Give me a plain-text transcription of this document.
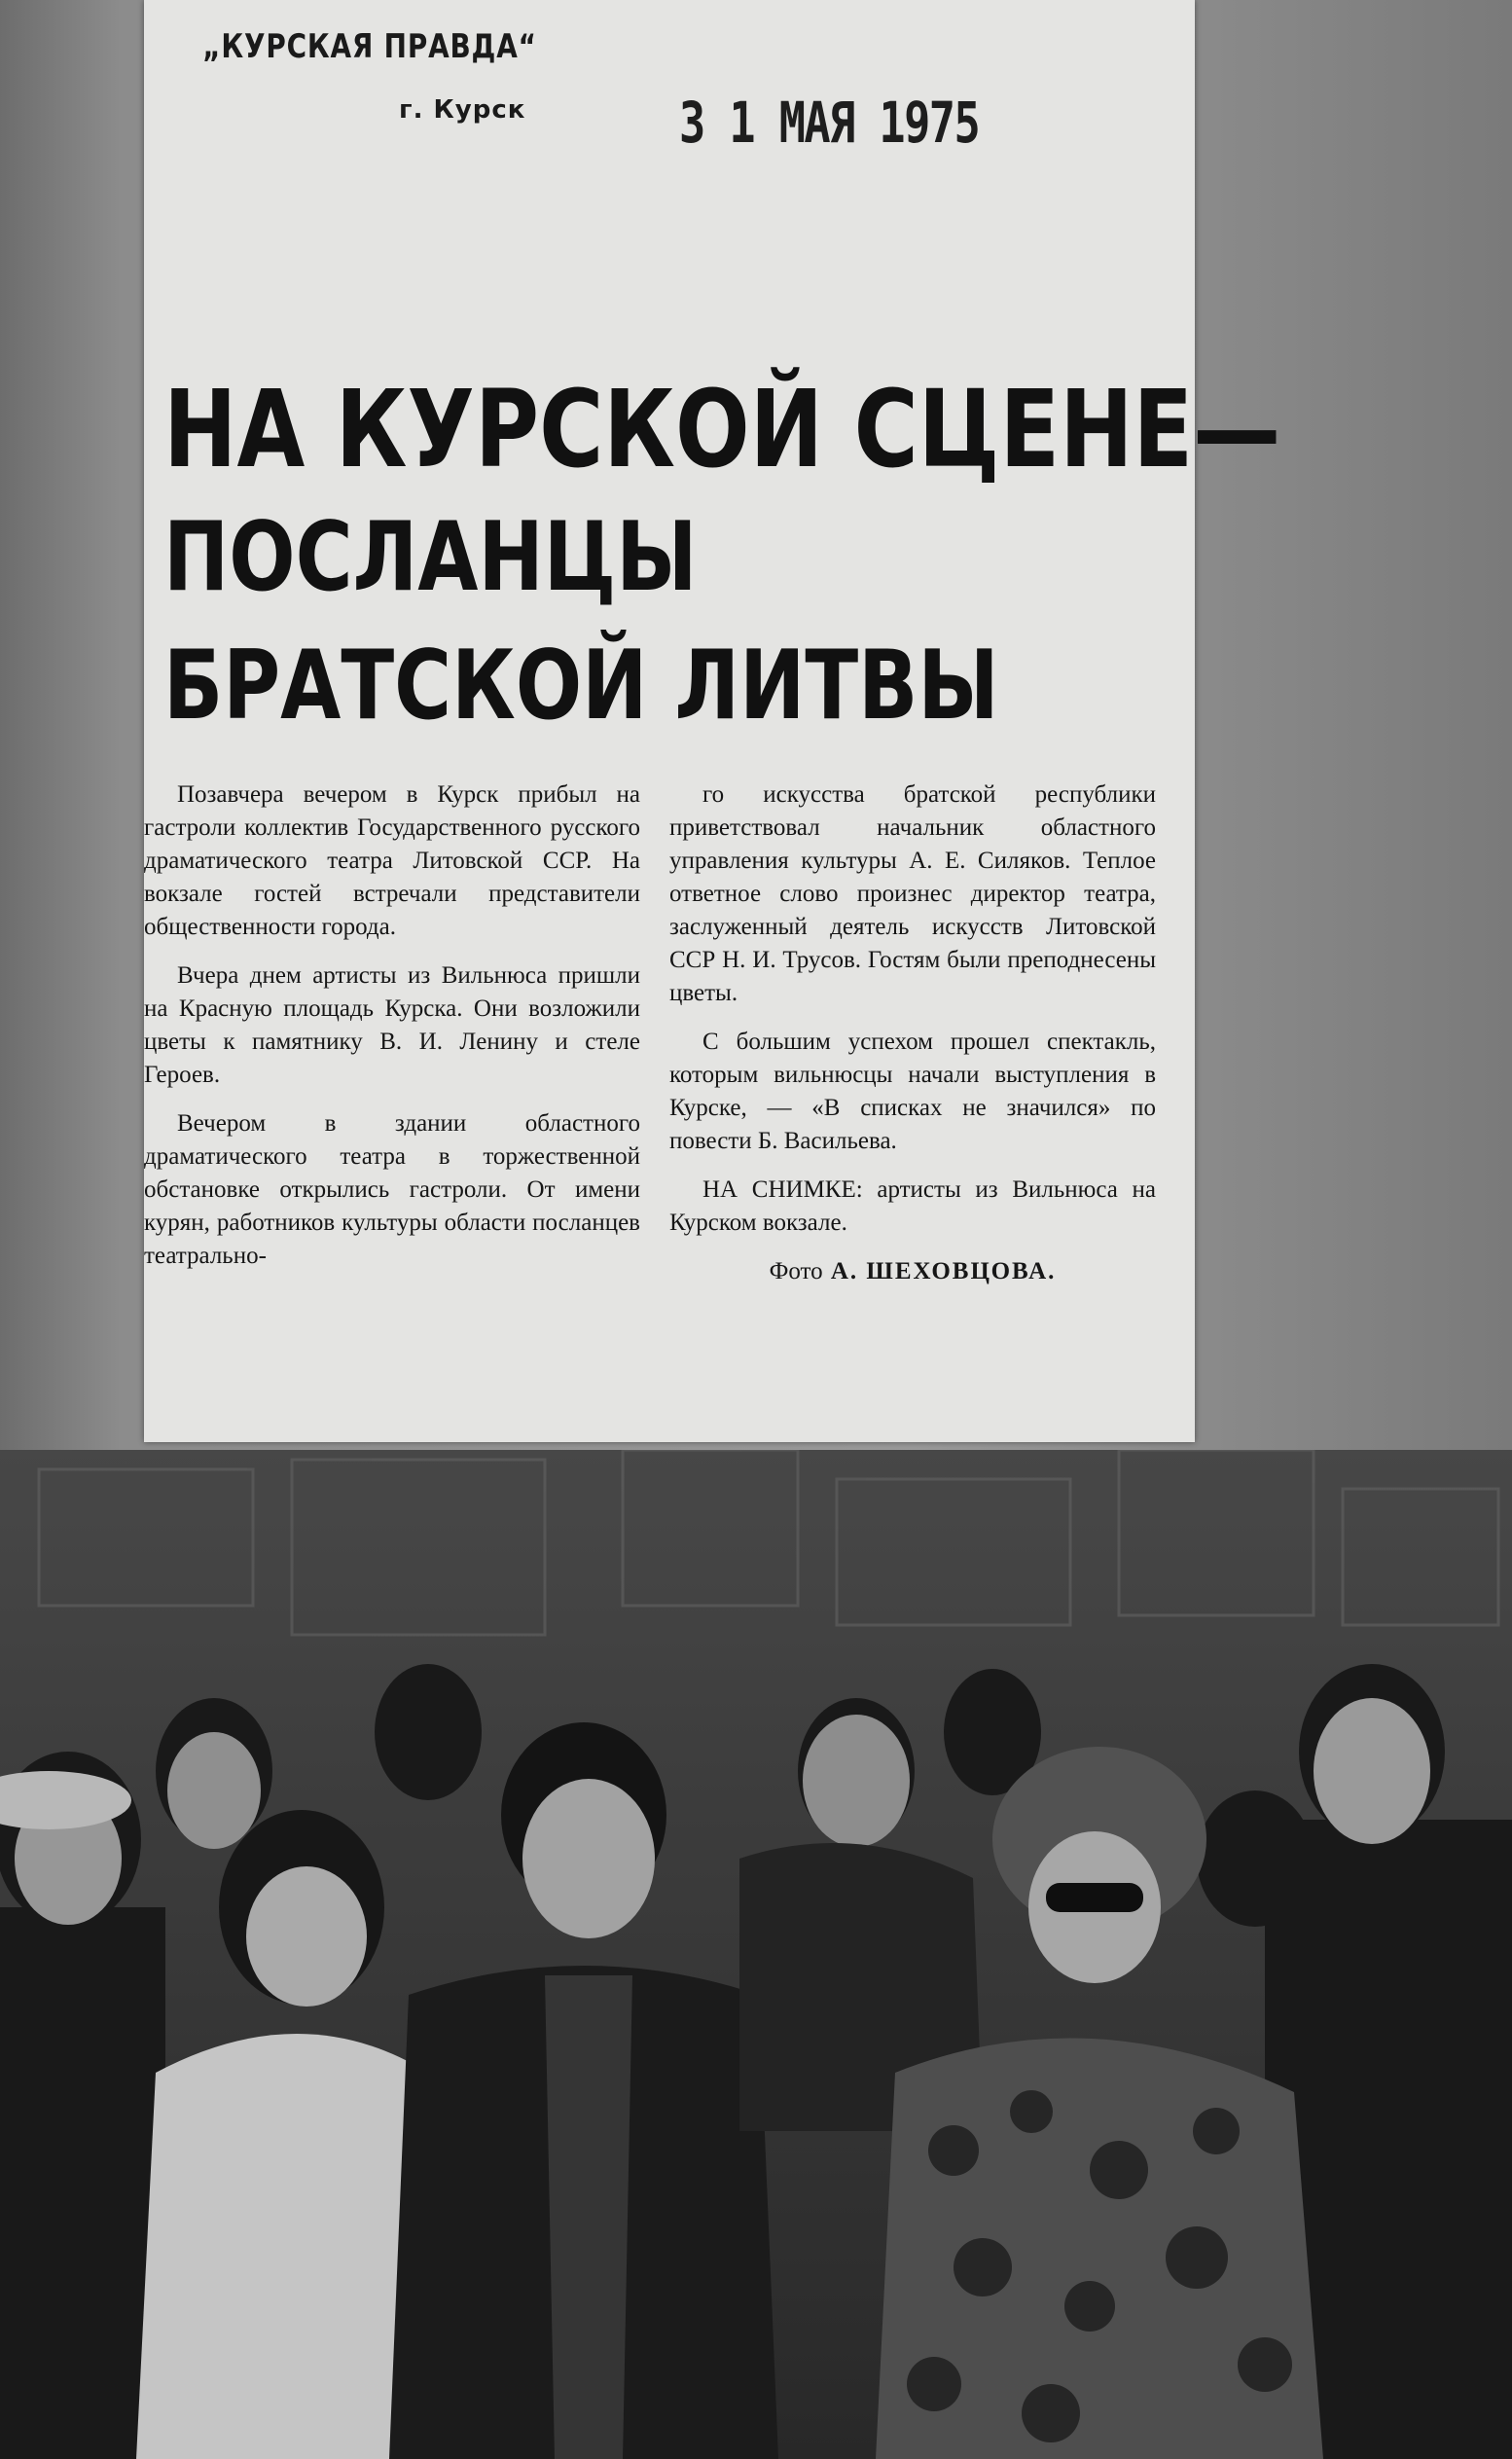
„КУРСКАЯ ПРАВДА“
г. Курск	3 1 МАЯ 1975
НА КУРСКОЙ СЦЕНЕ—
ПОСЛАНЦЫ
БРАТСКОЙ ЛИТВЫ

Позавчера вечером в Курск прибыл на гастроли коллектив Государственного русского драматического театра Литовской ССР. На вокзале гостей встречали представители общественности города.

Вчера днем артисты из Вильнюса пришли на Красную площадь Курска. Они возложили цветы к памятнику В. И. Ленину и стеле Героев.

Вечером в здании областного драматического театра в торжественной обстановке открылись гастроли. От имени курян, работников культуры области посланцев театрально-

го искусства братской республики приветствовал начальник областного управления культуры А. Е. Силяков. Теплое ответное слово произнес директор театра, заслуженный деятель искусств Литовской ССР Н. И. Трусов. Гостям были преподнесены цветы.

С большим успехом прошел спектакль, которым вильнюсцы начали выступления в Курске, — «В списках не значился» по повести Б. Васильева.

НА СНИМКЕ: артисты из Вильнюса на Курском вокзале.

Фото А. ШЕХОВЦОВА.
